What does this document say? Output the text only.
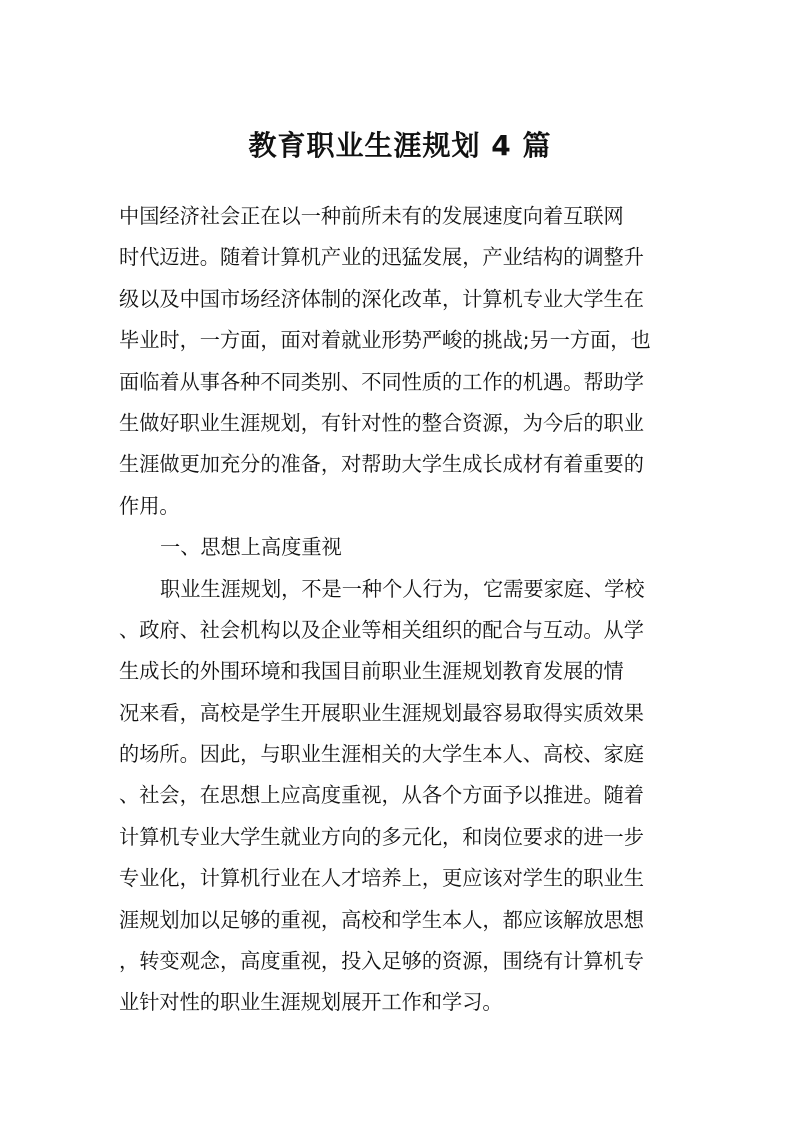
教育职业生涯规划 4 篇

中国经济社会正在以一种前所未有的发展速度向着互联网

时代迈进。随着计算机产业的迅猛发展，产业结构的调整升

级以及中国市场经济体制的深化改革，计算机专业大学生在

毕业时，一方面，面对着就业形势严峻的挑战;另一方面，也

面临着从事各种不同类别、不同性质的工作的机遇。帮助学

生做好职业生涯规划，有针对性的整合资源，为今后的职业

生涯做更加充分的准备，对帮助大学生成长成材有着重要的

作用。

一、思想上高度重视

职业生涯规划，不是一种个人行为，它需要家庭、学校

、政府、社会机构以及企业等相关组织的配合与互动。从学

生成长的外围环境和我国目前职业生涯规划教育发展的情

况来看，高校是学生开展职业生涯规划最容易取得实质效果

的场所。因此，与职业生涯相关的大学生本人、高校、家庭

、社会，在思想上应高度重视，从各个方面予以推进。随着

计算机专业大学生就业方向的多元化，和岗位要求的进一步

专业化，计算机行业在人才培养上，更应该对学生的职业生

涯规划加以足够的重视，高校和学生本人，都应该解放思想

，转变观念，高度重视，投入足够的资源，围绕有计算机专

业针对性的职业生涯规划展开工作和学习。
